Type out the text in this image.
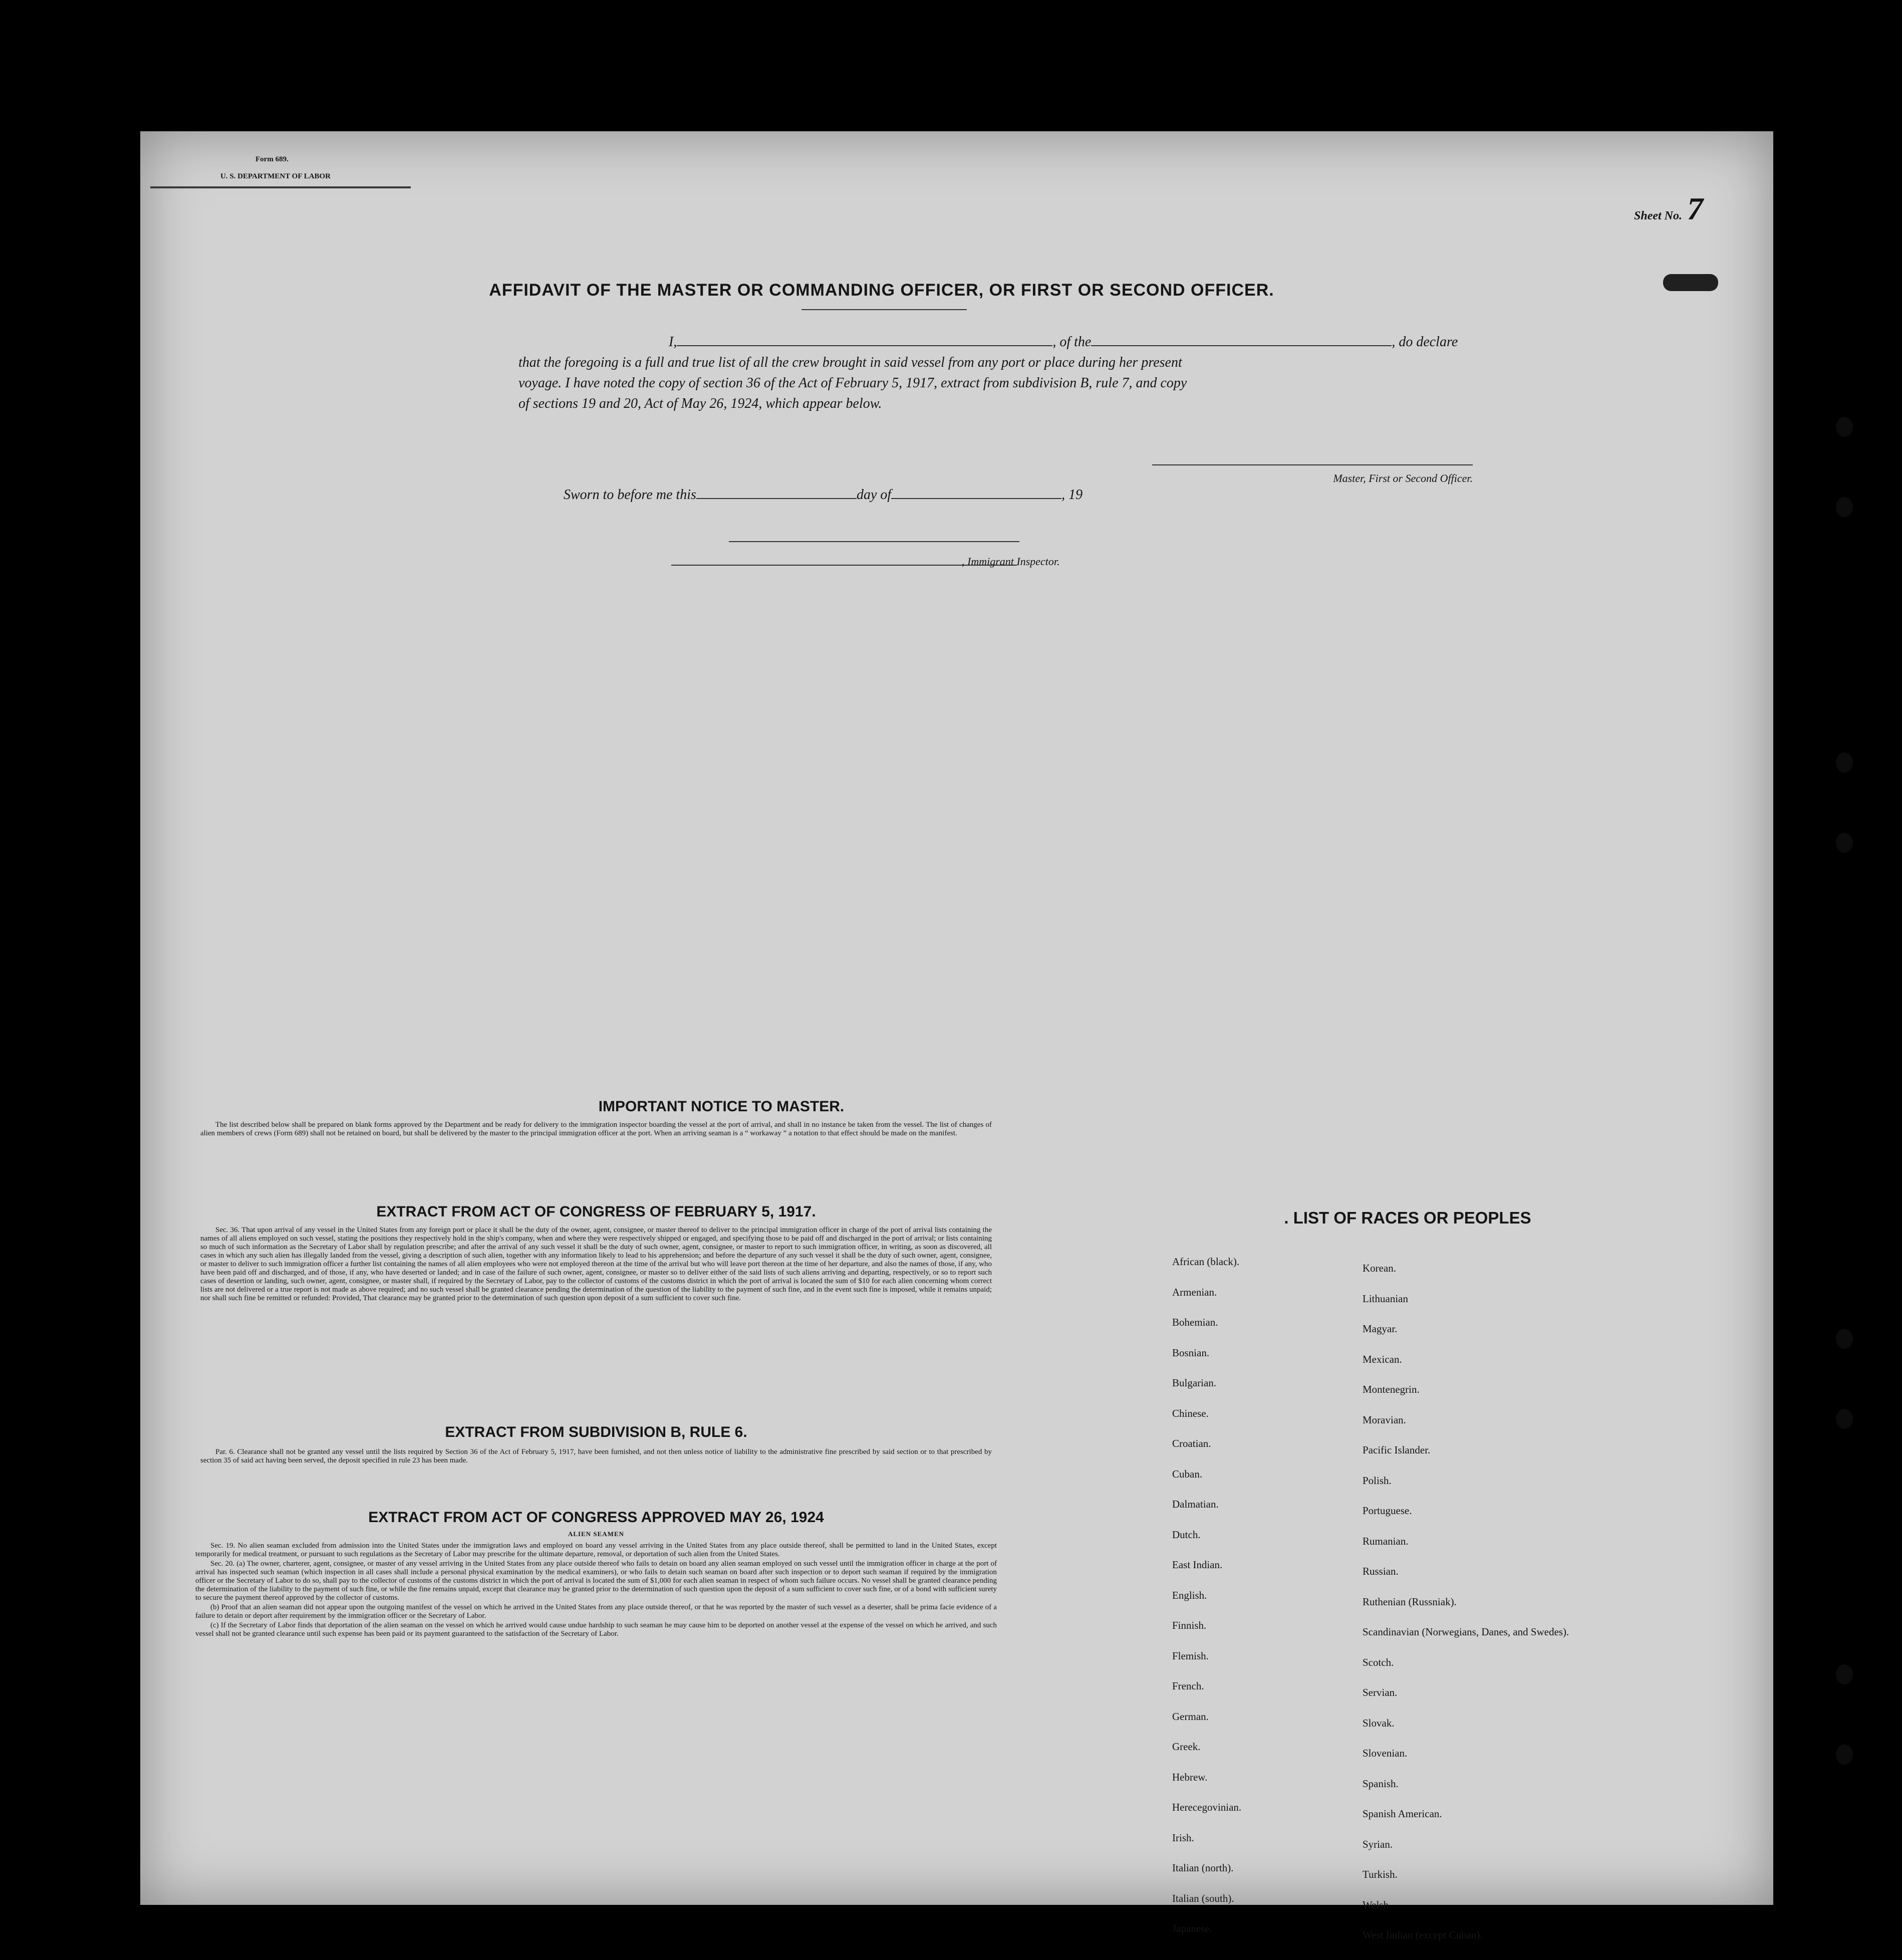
Form 689.
U. S. DEPARTMENT OF LABOR
Sheet No. 7
AFFIDAVIT OF THE MASTER OR COMMANDING OFFICER, OR FIRST OR SECOND OFFICER.
I,	, of the	, do declare
that the foregoing is a full and true list of all the crew brought in said vessel from any port or place during her present
voyage. I have noted the copy of section 36 of the Act of February 5, 1917, extract from subdivision B, rule 7, and copy
of sections 19 and 20, Act of May 26, 1924, which appear below.
Master, First or Second Officer.
Sworn to before me this	day of	, 19
, Immigrant Inspector.
IMPORTANT NOTICE TO MASTER.
The list described below shall be prepared on blank forms approved by the Department and be ready for delivery to the immigration inspector boarding the vessel at the port of arrival, and shall in no instance be taken from the vessel. The list of changes of alien members of crews (Form 689) shall not be retained on board, but shall be delivered by the master to the principal immigration officer at the port. When an arriving seaman is a “ workaway ” a notation to that effect should be made on the manifest.
EXTRACT FROM ACT OF CONGRESS OF FEBRUARY 5, 1917.

Sec. 36. That upon arrival of any vessel in the United States from any foreign port or place it shall be the duty of the owner, agent, consignee, or master thereof to deliver to the principal immigration officer in charge of the port of arrival lists containing the names of all aliens employed on such vessel, stating the positions they respectively hold in the ship's company, when and where they were respectively shipped or engaged, and specifying those to be paid off and discharged in the port of arrival; or lists containing so much of such information as the Secretary of Labor shall by regulation prescribe; and after the arrival of any such vessel it shall be the duty of such owner, agent, consignee, or master to report to such immigration officer, in writing, as soon as discovered, all cases in which any such alien has illegally landed from the vessel, giving a description of such alien, together with any information likely to lead to his apprehension; and before the departure of any such vessel it shall be the duty of such owner, agent, consignee, or master to deliver to such immigration officer a further list containing the names of all alien employees who were not employed thereon at the time of the arrival but who will leave port thereon at the time of her departure, and also the names of those, if any, who have been paid off and discharged, and of those, if any, who have deserted or landed; and in case of the failure of such owner, agent, consignee, or master so to deliver either of the said lists of such aliens arriving and departing, respectively, or so to report such cases of desertion or landing, such owner, agent, consignee, or master shall, if required by the Secretary of Labor, pay to the collector of customs of the customs district in which the port of arrival is located the sum of $10 for each alien concerning whom correct lists are not delivered or a true report is not made as above required; and no such vessel shall be granted clearance pending the determination of the question of the liability to the payment of such fine, and in the event such fine is imposed, while it remains unpaid; nor shall such fine be remitted or refunded: Provided, That clearance may be granted prior to the determination of such question upon deposit of a sum sufficient to cover such fine.

EXTRACT FROM SUBDIVISION B, RULE 6.
Par. 6. Clearance shall not be granted any vessel until the lists required by Section 36 of the Act of February 5, 1917, have been furnished, and not then unless notice of liability to the administrative fine prescribed by said section or to that prescribed by section 35 of said act having been served, the deposit specified in rule 23 has been made.
EXTRACT FROM ACT OF CONGRESS APPROVED MAY 26, 1924
ALIEN SEAMEN

Sec. 19. No alien seaman excluded from admission into the United States under the immigration laws and employed on board any vessel arriving in the United States from any place outside thereof, shall be permitted to land in the United States, except temporarily for medical treatment, or pursuant to such regulations as the Secretary of Labor may prescribe for the ultimate departure, removal, or deportation of such alien from the United States.

Sec. 20. (a) The owner, charterer, agent, consignee, or master of any vessel arriving in the United States from any place outside thereof who fails to detain on board any alien seaman employed on such vessel until the immigration officer in charge at the port of arrival has inspected such seaman (which inspection in all cases shall include a personal physical examination by the medical examiners), or who fails to detain such seaman on board after such inspection or to deport such seaman if required by the immigration officer or the Secretary of Labor to do so, shall pay to the collector of customs of the customs district in which the port of arrival is located the sum of $1,000 for each alien seaman in respect of whom such failure occurs. No vessel shall be granted clearance pending the determination of the liability to the payment of such fine, or while the fine remains unpaid, except that clearance may be granted prior to the determination of such question upon the deposit of a sum sufficient to cover such fine, or of a bond with sufficient surety to secure the payment thereof approved by the collector of customs.

(b) Proof that an alien seaman did not appear upon the outgoing manifest of the vessel on which he arrived in the United States from any place outside thereof, or that he was reported by the master of such vessel as a deserter, shall be prima facie evidence of a failure to detain or deport after requirement by the immigration officer or the Secretary of Labor.

(c) If the Secretary of Labor finds that deportation of the alien seaman on the vessel on which he arrived would cause undue hardship to such seaman he may cause him to be deported on another vessel at the expense of the vessel on which he arrived, and such vessel shall not be granted clearance until such expense has been paid or its payment guaranteed to the satisfaction of the Secretary of Labor.

. LIST OF RACES OR PEOPLES
African (black).
Armenian.
Bohemian.
Bosnian.
Bulgarian.
Chinese.
Croatian.
Cuban.
Dalmatian.
Dutch.
East Indian.
English.
Finnish.
Flemish.
French.
German.
Greek.
Hebrew.
Herecegovinian.
Irish.
Italian (north).
Italian (south).
Japanese.
Korean.
Lithuanian
Magyar.
Mexican.
Montenegrin.
Moravian.
Pacific Islander.
Polish.
Portuguese.
Rumanian.
Russian.
Ruthenian (Russniak).
Scandinavian (Norwegians, Danes, and Swedes).
Scotch.
Servian.
Slovak.
Slovenian.
Spanish.
Spanish American.
Syrian.
Turkish.
Welsh.
West Indian (except Cuban).
